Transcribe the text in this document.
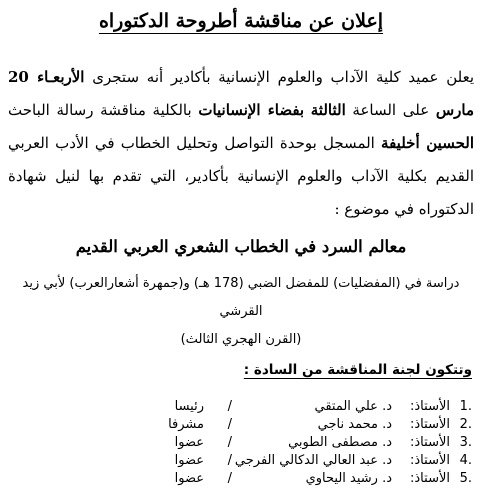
إعلان عن مناقشة أطروحة الدكتوراه

يعلن عميد كلية الآداب والعلوم الإنسانية بأكادير أنه ستجرى الأربعـاء 20 مارس على الساعة الثالثة بفضاء الإنسانيات بالكلية مناقشة رسالة الباحث الحسين أخليفة المسجل بوحدة التواصل وتحليل الخطاب في الأدب العربي القديم بكلية الآداب والعلوم الإنسانية بأكادير، التي تقدم بها لنيل شهادة الدكتوراه في موضوع :

معالم السرد في الخطاب الشعري العربي القديم

دراسة في (المفضليات) للمفضل الضبي (178 هـ) و(جمهرة أشعارالعرب) لأبي زيد القرشي
(القرن الهجري الثالث)

وتتكون لجنة المناقشة من السادة :
1.
الأستاذ:
د. علي المتقي
/
رئيسا
2.
الأستاذ:
د. محمد ناجي
/
مشرفا
3.
الأستاذ:
د. مصطفى الطوبي
/
عضوا
4.
الأستاذ:
د. عبد العالي الدكالي الفرجي
/
عضوا
5.
الأستاذ:
د. رشيد اليحاوي
/
عضوا
